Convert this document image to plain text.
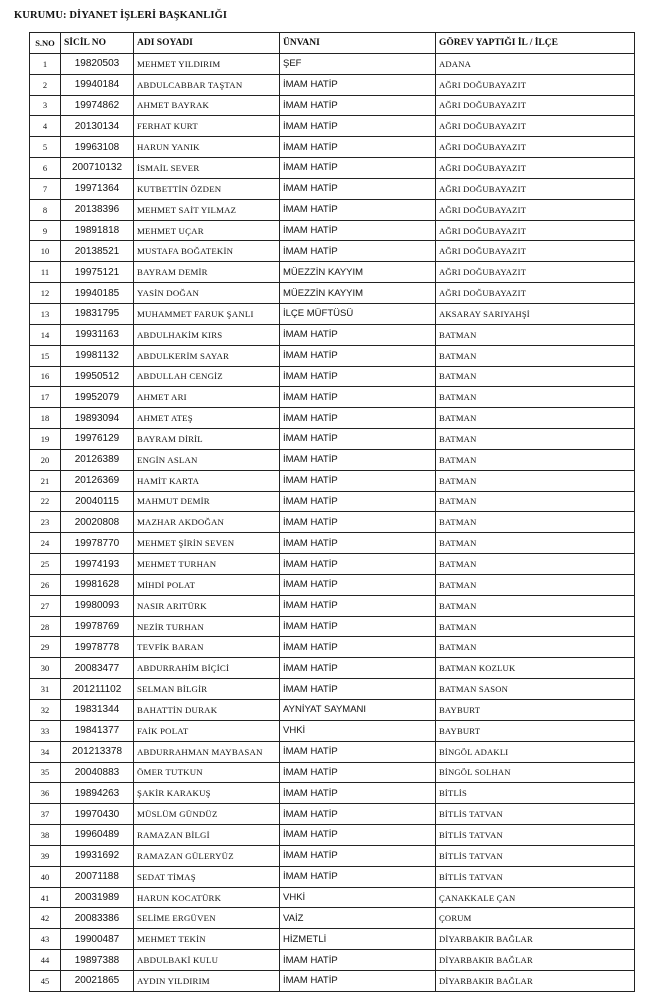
KURUMU: DİYANET İŞLERİ BAŞKANLIĞI
S.NO	SİCİL NO	ADI SOYADI	ÜNVANI	GÖREV YAPTIĞI İL / İLÇE
1	19820503	MEHMET YILDIRIM	ŞEF	ADANA
2	19940184	ABDULCABBAR TAŞTAN	İMAM HATİP	AĞRI DOĞUBAYAZIT
3	19974862	AHMET BAYRAK	İMAM HATİP	AĞRI DOĞUBAYAZIT
4	20130134	FERHAT KURT	İMAM HATİP	AĞRI DOĞUBAYAZIT
5	19963108	HARUN YANIK	İMAM HATİP	AĞRI DOĞUBAYAZIT
6	200710132	İSMAİL SEVER	İMAM HATİP	AĞRI DOĞUBAYAZIT
7	19971364	KUTBETTİN ÖZDEN	İMAM HATİP	AĞRI DOĞUBAYAZIT
8	20138396	MEHMET SAİT YILMAZ	İMAM HATİP	AĞRI DOĞUBAYAZIT
9	19891818	MEHMET UÇAR	İMAM HATİP	AĞRI DOĞUBAYAZIT
10	20138521	MUSTAFA BOĞATEKİN	İMAM HATİP	AĞRI DOĞUBAYAZIT
11	19975121	BAYRAM DEMİR	MÜEZZİN KAYYIM	AĞRI DOĞUBAYAZIT
12	19940185	YASİN DOĞAN	MÜEZZİN KAYYIM	AĞRI DOĞUBAYAZIT
13	19831795	MUHAMMET FARUK ŞANLI	İLÇE MÜFTÜSÜ	AKSARAY SARIYAHŞİ
14	19931163	ABDULHAKİM KIRS	İMAM HATİP	BATMAN
15	19981132	ABDULKERİM SAYAR	İMAM HATİP	BATMAN
16	19950512	ABDULLAH CENGİZ	İMAM HATİP	BATMAN
17	19952079	AHMET ARI	İMAM HATİP	BATMAN
18	19893094	AHMET ATEŞ	İMAM HATİP	BATMAN
19	19976129	BAYRAM DİRİL	İMAM HATİP	BATMAN
20	20126389	ENGİN ASLAN	İMAM HATİP	BATMAN
21	20126369	HAMİT KARTA	İMAM HATİP	BATMAN
22	20040115	MAHMUT DEMİR	İMAM HATİP	BATMAN
23	20020808	MAZHAR AKDOĞAN	İMAM HATİP	BATMAN
24	19978770	MEHMET ŞİRİN SEVEN	İMAM HATİP	BATMAN
25	19974193	MEHMET TURHAN	İMAM HATİP	BATMAN
26	19981628	MİHDİ POLAT	İMAM HATİP	BATMAN
27	19980093	NASIR ARITÜRK	İMAM HATİP	BATMAN
28	19978769	NEZİR TURHAN	İMAM HATİP	BATMAN
29	19978778	TEVFİK BARAN	İMAM HATİP	BATMAN
30	20083477	ABDURRAHİM BİÇİCİ	İMAM HATİP	BATMAN KOZLUK
31	201211102	SELMAN BİLGİR	İMAM HATİP	BATMAN SASON
32	19831344	BAHATTİN DURAK	AYNİYAT SAYMANI	BAYBURT
33	19841377	FAİK POLAT	VHKİ	BAYBURT
34	201213378	ABDURRAHMAN MAYBASAN	İMAM HATİP	BİNGÖL ADAKLI
35	20040883	ÖMER TUTKUN	İMAM HATİP	BİNGÖL SOLHAN
36	19894263	ŞAKİR KARAKUŞ	İMAM HATİP	BİTLİS
37	19970430	MÜSLÜM GÜNDÜZ	İMAM HATİP	BİTLİS TATVAN
38	19960489	RAMAZAN BİLGİ	İMAM HATİP	BİTLİS TATVAN
39	19931692	RAMAZAN GÜLERYÜZ	İMAM HATİP	BİTLİS TATVAN
40	20071188	SEDAT TİMAŞ	İMAM HATİP	BİTLİS TATVAN
41	20031989	HARUN KOCATÜRK	VHKİ	ÇANAKKALE ÇAN
42	20083386	SELİME ERGÜVEN	VAİZ	ÇORUM
43	19900487	MEHMET TEKİN	HİZMETLİ	DİYARBAKIR BAĞLAR
44	19897388	ABDULBAKİ KULU	İMAM HATİP	DİYARBAKIR BAĞLAR
45	20021865	AYDIN YILDIRIM	İMAM HATİP	DİYARBAKIR BAĞLAR
